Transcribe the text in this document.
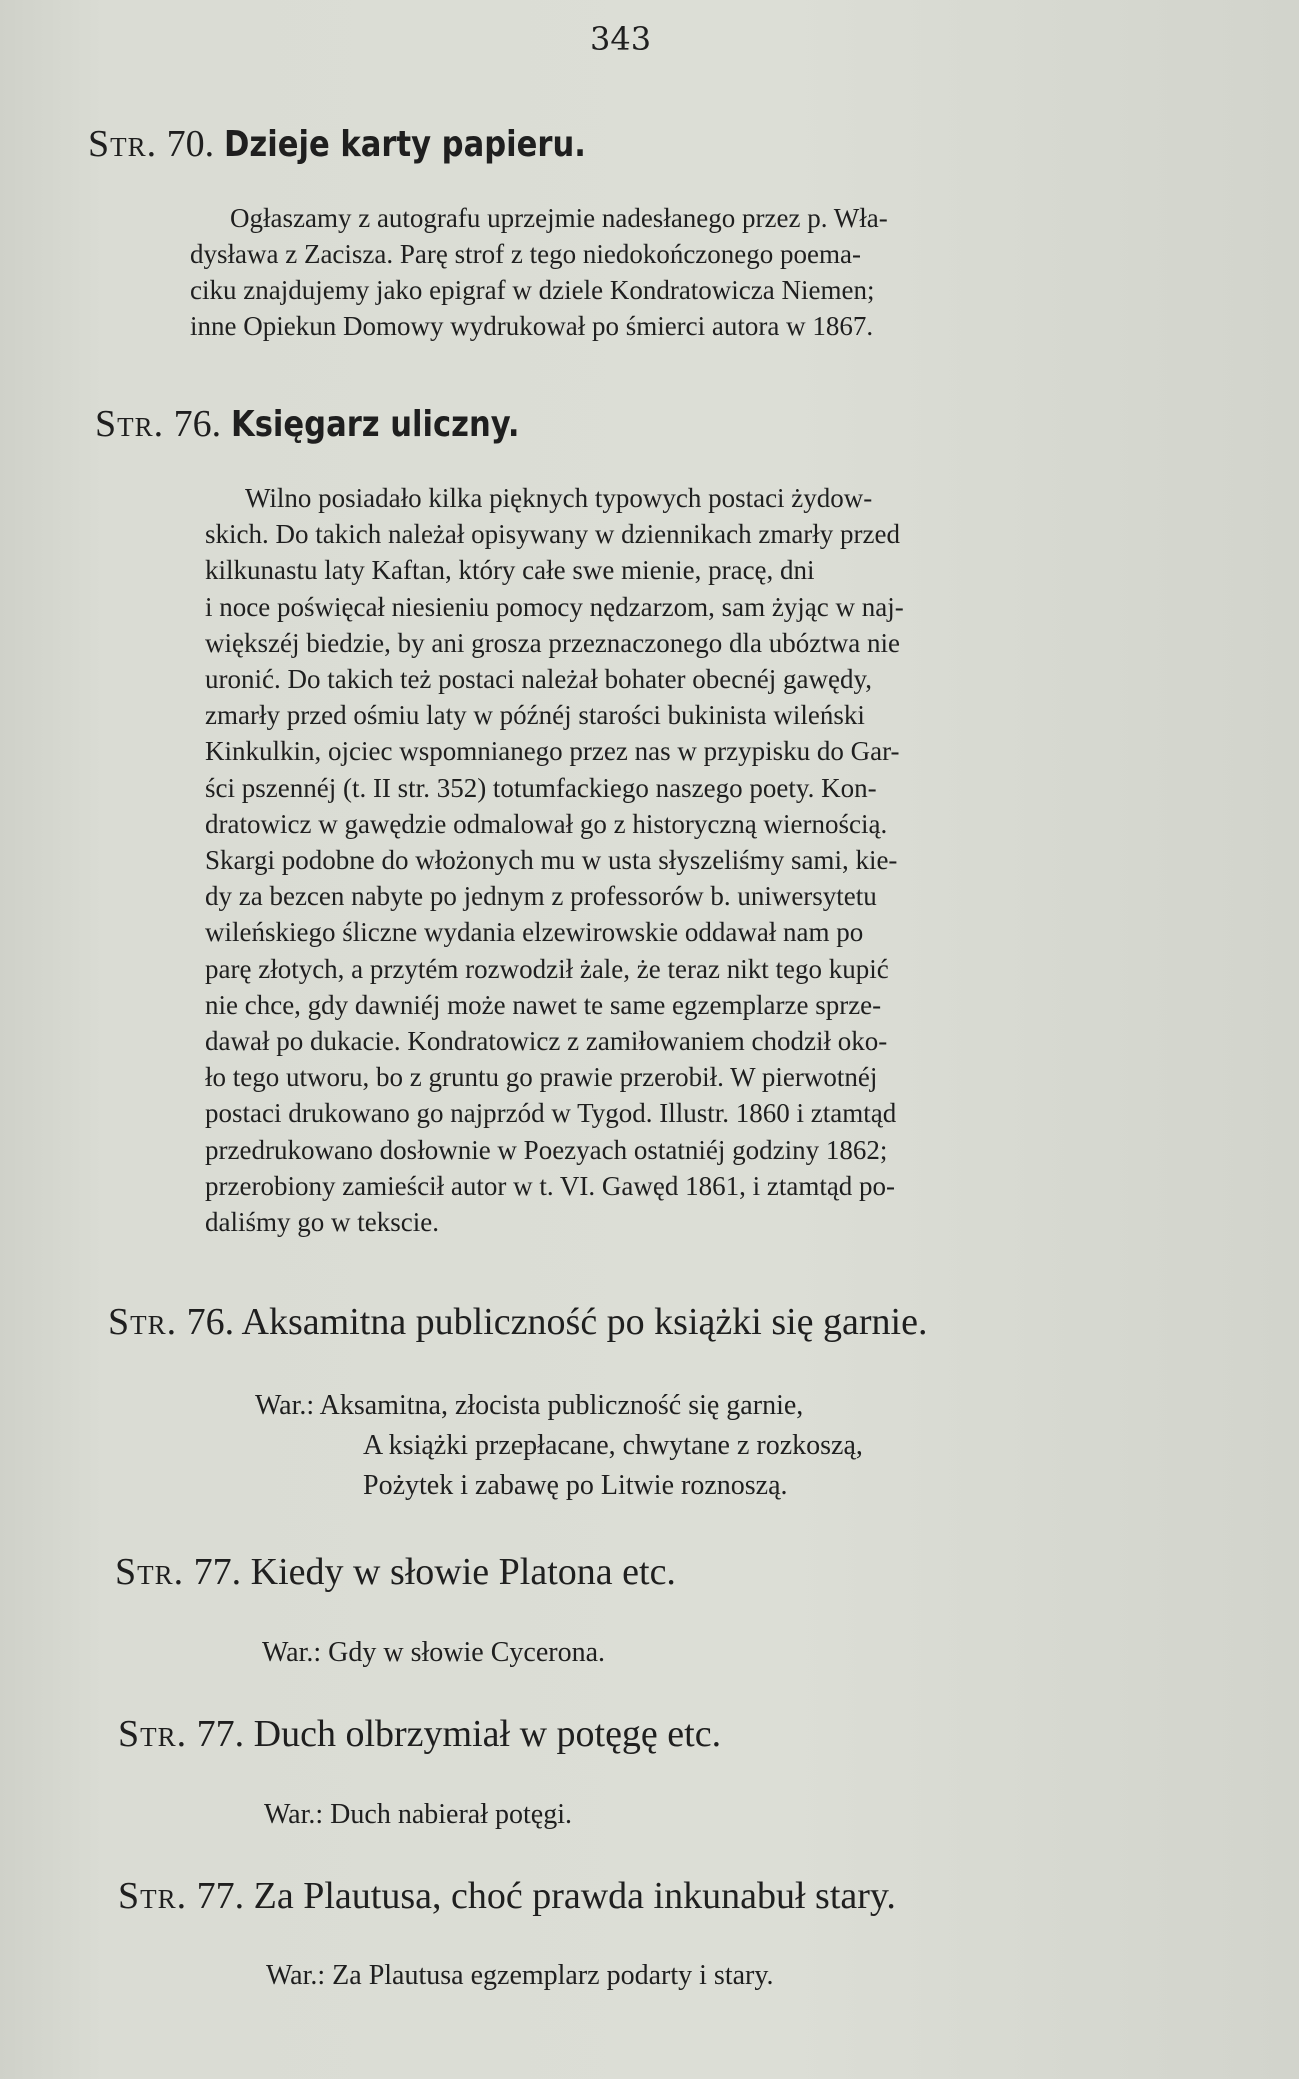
343
Str. 70. Dzieje karty papieru.
Ogłaszamy z autografu uprzejmie nadesłanego przez p. Wła-
dysława z Zacisza. Parę strof z tego niedokończonego poema-
ciku znajdujemy jako epigraf w dziele Kondratowicza Niemen;
inne Opiekun Domowy wydrukował po śmierci autora w 1867.
Str. 76. Księgarz uliczny.
Wilno posiadało kilka pięknych typowych postaci żydow-
skich. Do takich należał opisywany w dziennikach zmarły przed
kilkunastu laty Kaftan, który całe swe mienie, pracę, dni
i noce poświęcał niesieniu pomocy nędzarzom, sam żyjąc w naj-
większéj biedzie, by ani grosza przeznaczonego dla ubóztwa nie
uronić. Do takich też postaci należał bohater obecnéj gawędy,
zmarły przed ośmiu laty w późnéj starości bukinista wileński
Kinkulkin, ojciec wspomnianego przez nas w przypisku do Gar-
ści pszennéj (t. II str. 352) totumfackiego naszego poety. Kon-
dratowicz w gawędzie odmalował go z historyczną wiernością.
Skargi podobne do włożonych mu w usta słyszeliśmy sami, kie-
dy za bezcen nabyte po jednym z professorów b. uniwersytetu
wileńskiego śliczne wydania elzewirowskie oddawał nam po
parę złotych, a przytém rozwodził żale, że teraz nikt tego kupić
nie chce, gdy dawniéj może nawet te same egzemplarze sprze-
dawał po dukacie. Kondratowicz z zamiłowaniem chodził oko-
ło tego utworu, bo z gruntu go prawie przerobił. W pierwotnéj
postaci drukowano go najprzód w Tygod. Illustr. 1860 i ztamtąd
przedrukowano dosłownie w Poezyach ostatniéj godziny 1862;
przerobiony zamieścił autor w t. VI. Gawęd 1861, i ztamtąd po-
daliśmy go w tekscie.
Str. 76. Aksamitna publiczność po książki się garnie.
War.: Aksamitna, złocista publiczność się garnie,
A książki przepłacane, chwytane z rozkoszą,
Pożytek i zabawę po Litwie roznoszą.
Str. 77. Kiedy w słowie Platona etc.
War.: Gdy w słowie Cycerona.
Str. 77. Duch olbrzymiał w potęgę etc.
War.: Duch nabierał potęgi.
Str. 77. Za Plautusa, choć prawda inkunabuł stary.
War.: Za Plautusa egzemplarz podarty i stary.
